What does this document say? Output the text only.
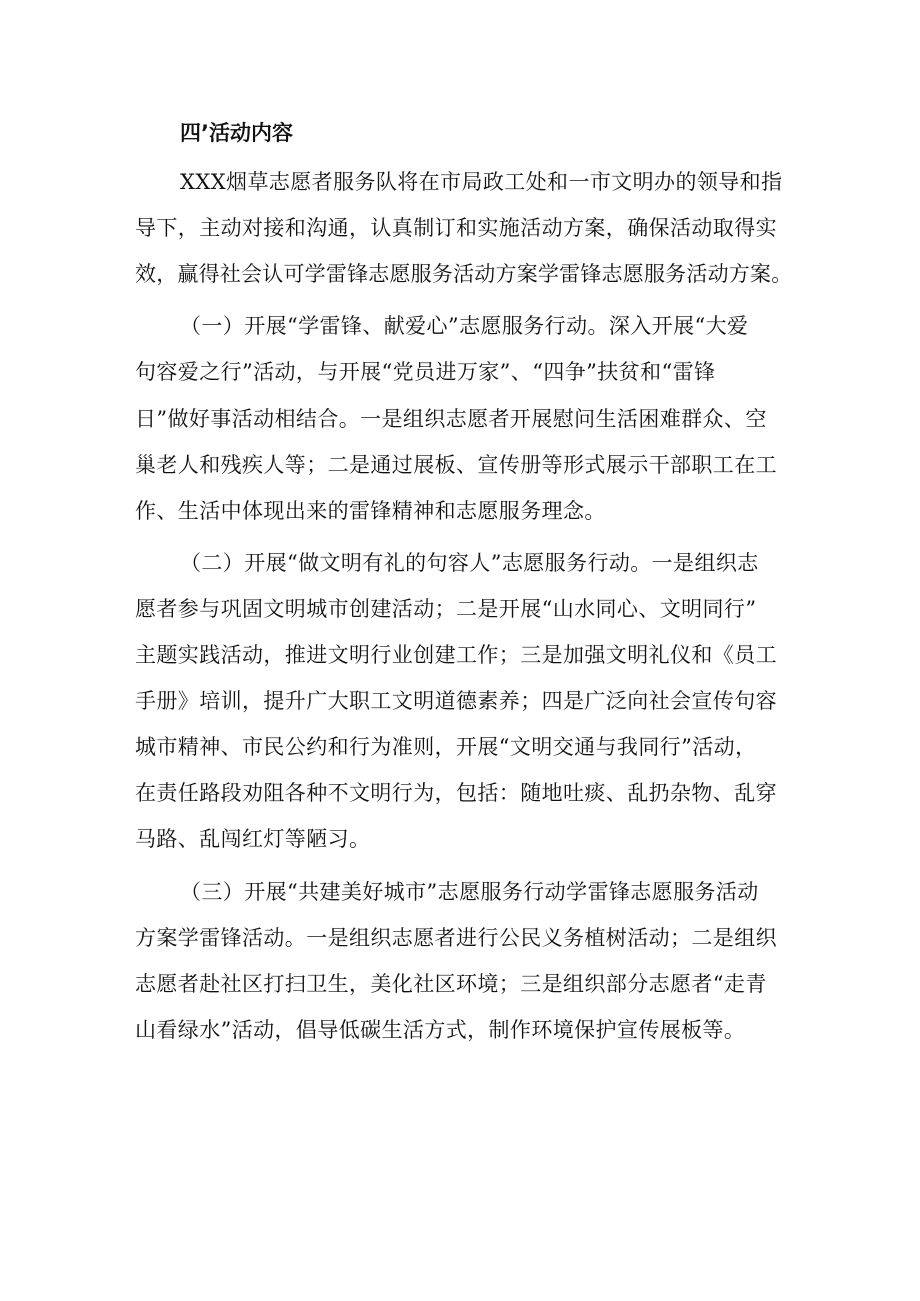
四’活动内容
XXX烟草志愿者服务队将在市局政工处和一市文明办的领导和指
导下，主动对接和沟通，认真制订和实施活动方案，确保活动取得实
效，赢得社会认可学雷锋志愿服务活动方案学雷锋志愿服务活动方案。
（一）开展“学雷锋、献爱心”志愿服务行动。深入开展“大爱
句容爱之行”活动，与开展“党员进万家”、“四争”扶贫和“雷锋
日”做好事活动相结合。一是组织志愿者开展慰问生活困难群众、空
巢老人和残疾人等；二是通过展板、宣传册等形式展示干部职工在工
作、生活中体现出来的雷锋精神和志愿服务理念。
（二）开展“做文明有礼的句容人”志愿服务行动。一是组织志
愿者参与巩固文明城市创建活动；二是开展“山水同心、文明同行”
主题实践活动，推进文明行业创建工作；三是加强文明礼仪和《员工
手册》培训，提升广大职工文明道德素养；四是广泛向社会宣传句容
城市精神、市民公约和行为准则，开展“文明交通与我同行”活动，
在责任路段劝阻各种不文明行为，包括：随地吐痰、乱扔杂物、乱穿
马路、乱闯红灯等陋习。
（三）开展“共建美好城市”志愿服务行动学雷锋志愿服务活动
方案学雷锋活动。一是组织志愿者进行公民义务植树活动；二是组织
志愿者赴社区打扫卫生，美化社区环境；三是组织部分志愿者“走青
山看绿水”活动，倡导低碳生活方式，制作环境保护宣传展板等。
